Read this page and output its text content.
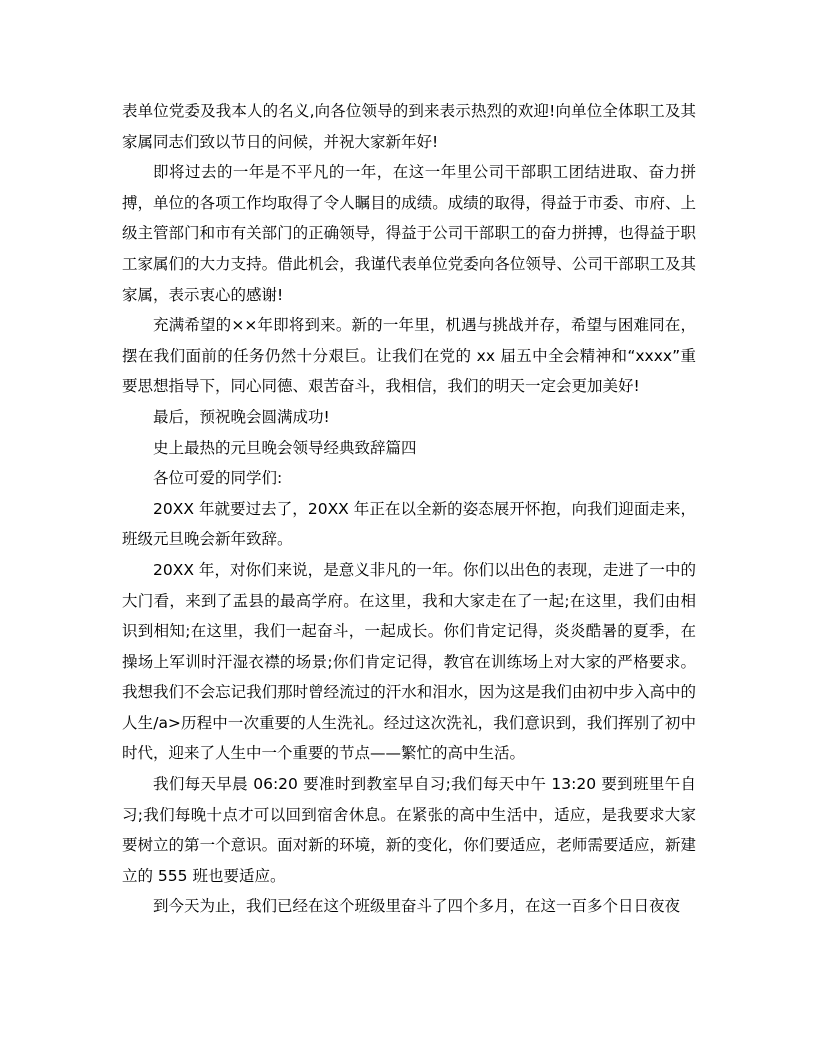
表单位党委及我本人的名义,向各位领导的到来表示热烈的欢迎!向单位全体职工及其家属同志们致以节日的问候，并祝大家新年好!

即将过去的一年是不平凡的一年，在这一年里公司干部职工团结进取、奋力拼搏，单位的各项工作均取得了令人瞩目的成绩。成绩的取得，得益于市委、市府、上级主管部门和市有关部门的正确领导，得益于公司干部职工的奋力拼搏，也得益于职工家属们的大力支持。借此机会，我谨代表单位党委向各位领导、公司干部职工及其家属，表示衷心的感谢!

充满希望的××年即将到来。新的一年里，机遇与挑战并存，希望与困难同在，摆在我们面前的任务仍然十分艰巨。让我们在党的 xx 届五中全会精神和“xxxx”重要思想指导下，同心同德、艰苦奋斗，我相信，我们的明天一定会更加美好!

最后，预祝晚会圆满成功!

史上最热的元旦晚会领导经典致辞篇四

各位可爱的同学们:

20XX 年就要过去了，20XX 年正在以全新的姿态展开怀抱，向我们迎面走来，班级元旦晚会新年致辞。

20XX 年，对你们来说，是意义非凡的一年。你们以出色的表现，走进了一中的大门看，来到了盂县的最高学府。在这里，我和大家走在了一起;在这里，我们由相识到相知;在这里，我们一起奋斗，一起成长。你们肯定记得，炎炎酷暑的夏季，在操场上军训时汗湿衣襟的场景;你们肯定记得，教官在训练场上对大家的严格要求。我想我们不会忘记我们那时曾经流过的汗水和泪水，因为这是我们由初中步入高中的人生/a>历程中一次重要的人生洗礼。经过这次洗礼，我们意识到，我们挥别了初中时代，迎来了人生中一个重要的节点——繁忙的高中生活。

我们每天早晨 06:20 要准时到教室早自习;我们每天中午 13:20 要到班里午自习;我们每晚十点才可以回到宿舍休息。在紧张的高中生活中，适应，是我要求大家要树立的第一个意识。面对新的环境，新的变化，你们要适应，老师需要适应，新建立的 555 班也要适应。

到今天为止，我们已经在这个班级里奋斗了四个多月，在这一百多个日日夜夜
